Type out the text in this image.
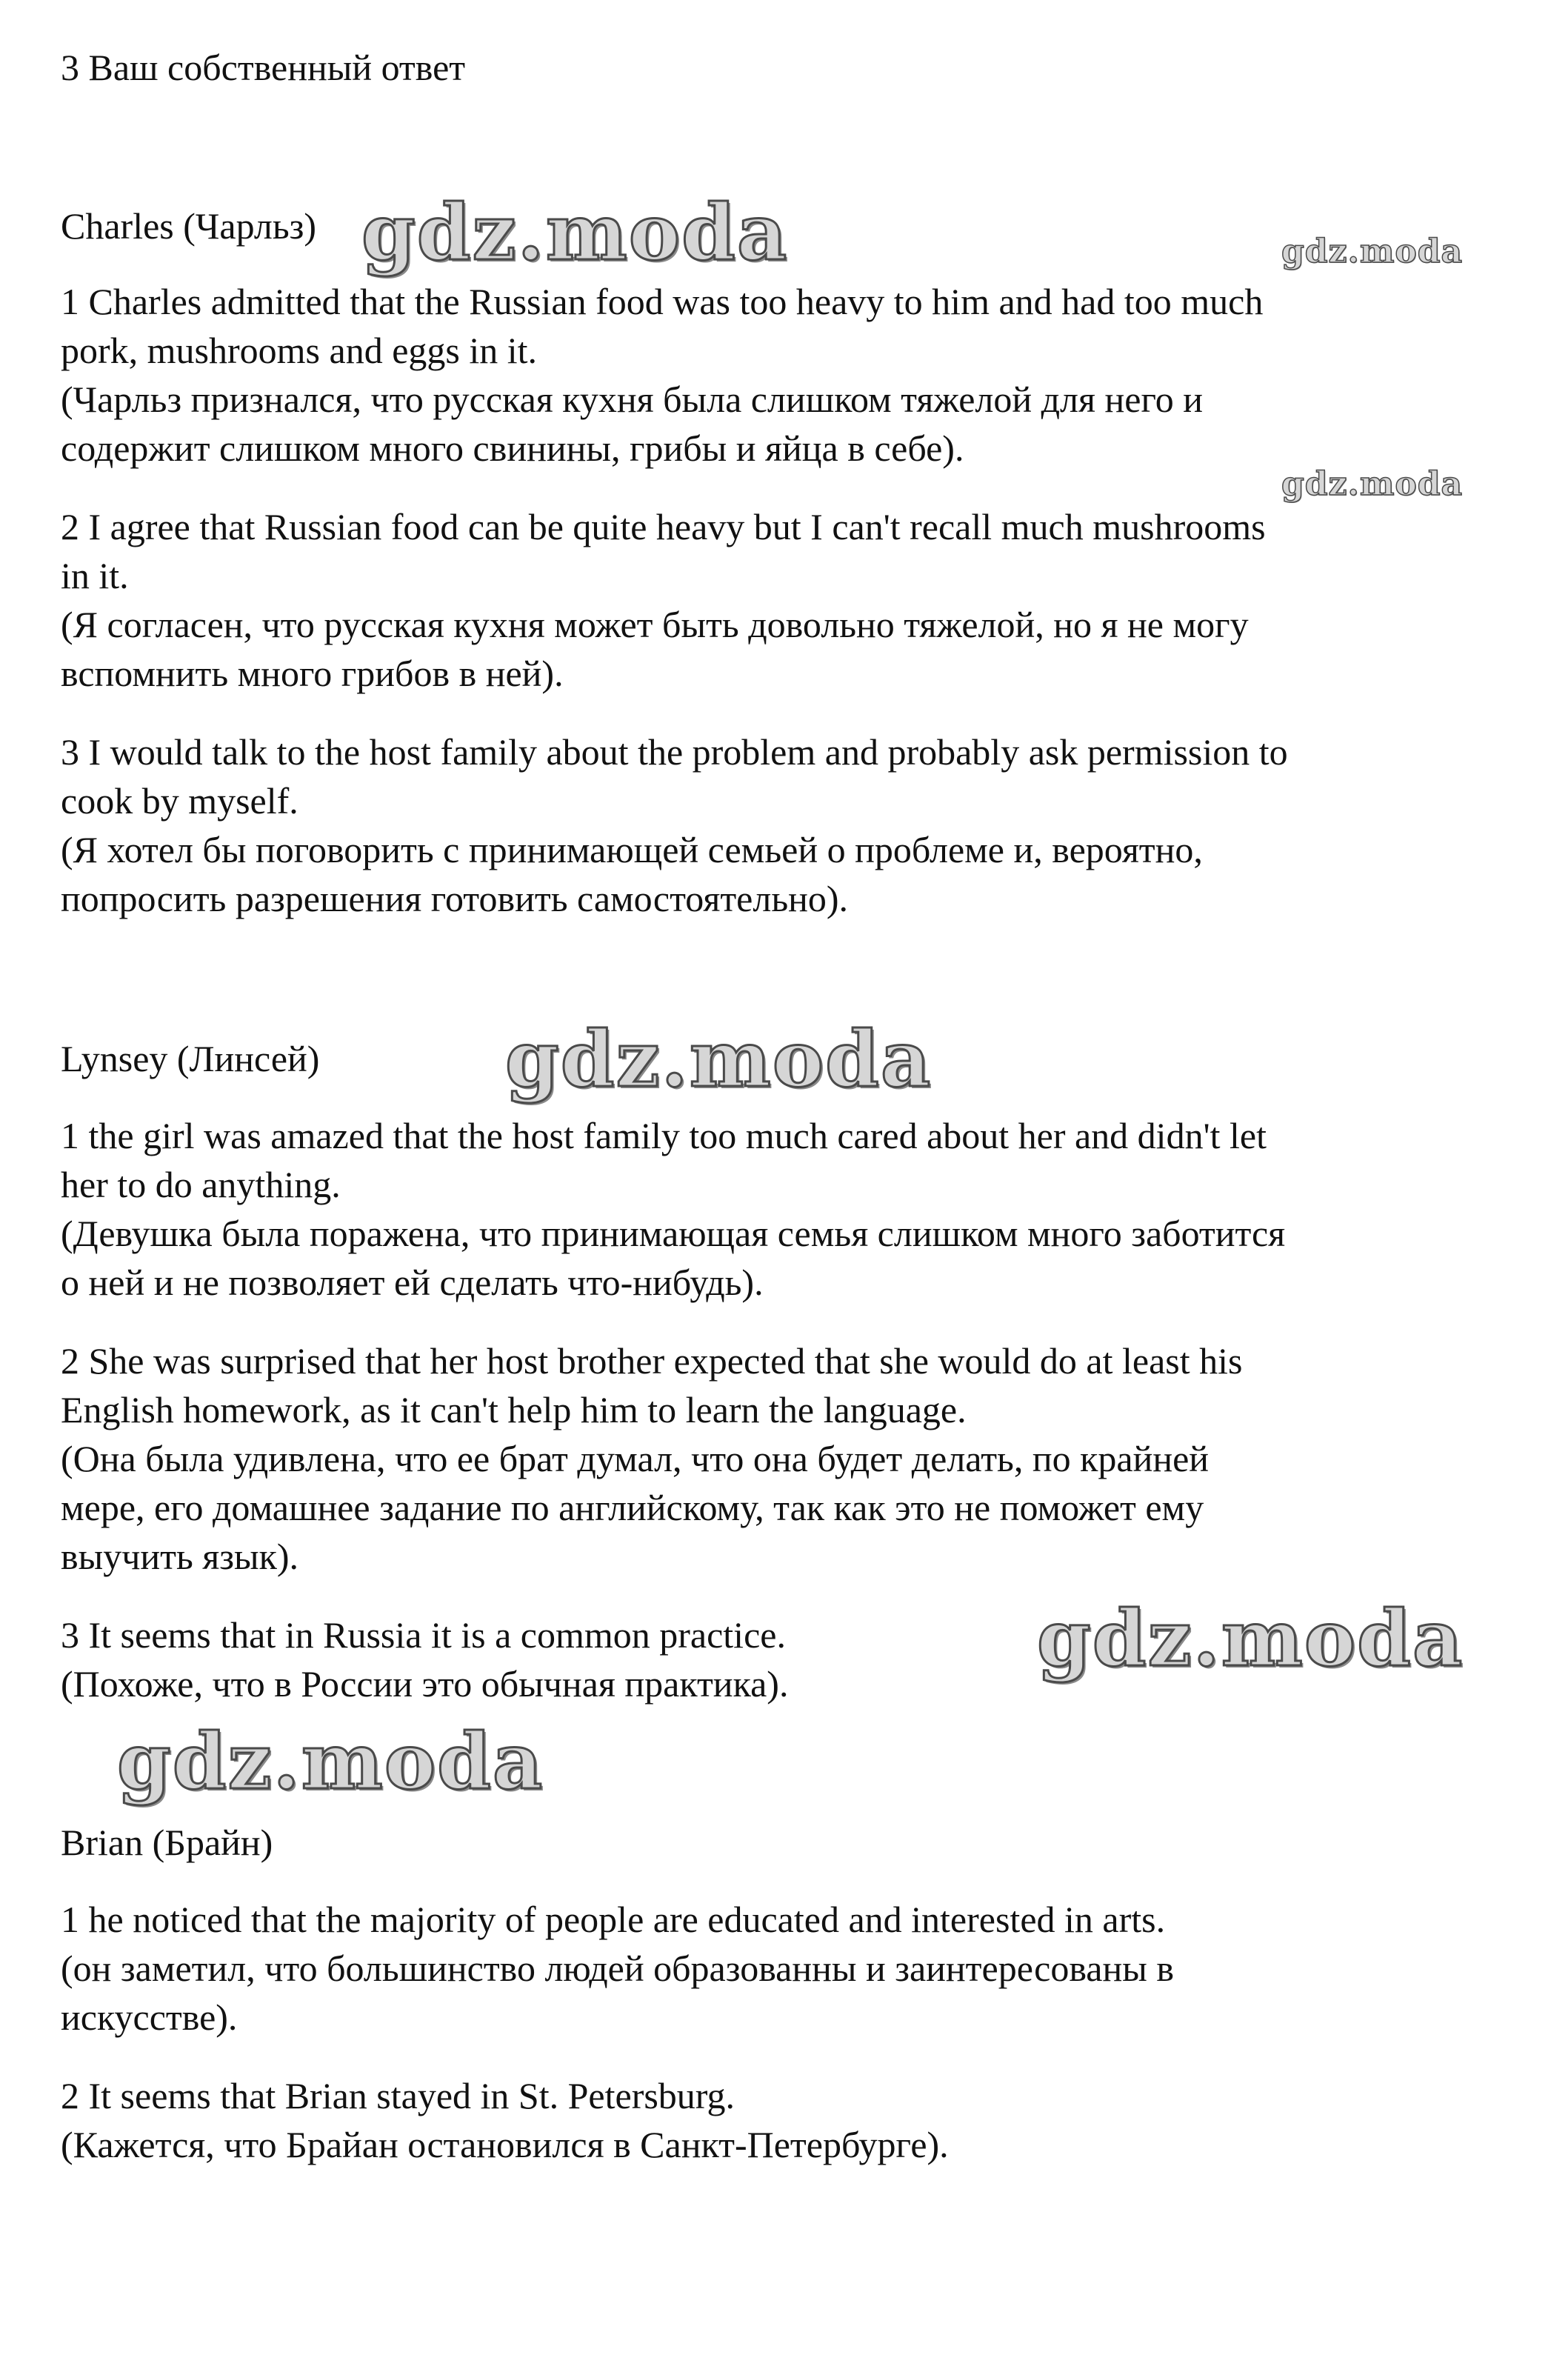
3 Ваш собственный ответ

Charles (Чарльз)

1 Charles admitted that the Russian food was too heavy to him and had too much

pork, mushrooms and eggs in it.

(Чарльз признался, что русская кухня была слишком тяжелой для него и

содержит слишком много свинины, грибы и яйца в себе).

2 I agree that Russian food can be quite heavy but I can't recall much mushrooms

in it.

(Я согласен, что русская кухня может быть довольно тяжелой, но я не могу

вспомнить много грибов в ней).

3 I would talk to the host family about the problem and probably ask permission to

cook by myself.

(Я хотел бы поговорить с принимающей семьей о проблеме и, вероятно,

попросить разрешения готовить самостоятельно).

Lynsey (Линсей)

1 the girl was amazed that the host family too much cared about her and didn't let

her to do anything.

(Девушка была поражена, что принимающая семья слишком много заботится

о ней и не позволяет ей сделать что-нибудь).

2 She was surprised that her host brother expected that she would do at least his

English homework, as it can't help him to learn the language.

(Она была удивлена, что ее брат думал, что она будет делать, по крайней

мере, его домашнее задание по английскому, так как это не поможет ему

выучить язык).

3 It seems that in Russia it is a common practice.

(Похоже, что в России это обычная практика).

Brian (Брайн)

1 he noticed that the majority of people are educated and interested in arts.

(он заметил, что большинство людей образованны и заинтересованы в

искусстве).

2 It seems that Brian stayed in St. Petersburg.

(Кажется, что Брайан остановился в Санкт-Петербурге).

gdz.moda	gdz.moda
gdz.moda
gdz.moda
gdz.moda
gdz.moda
